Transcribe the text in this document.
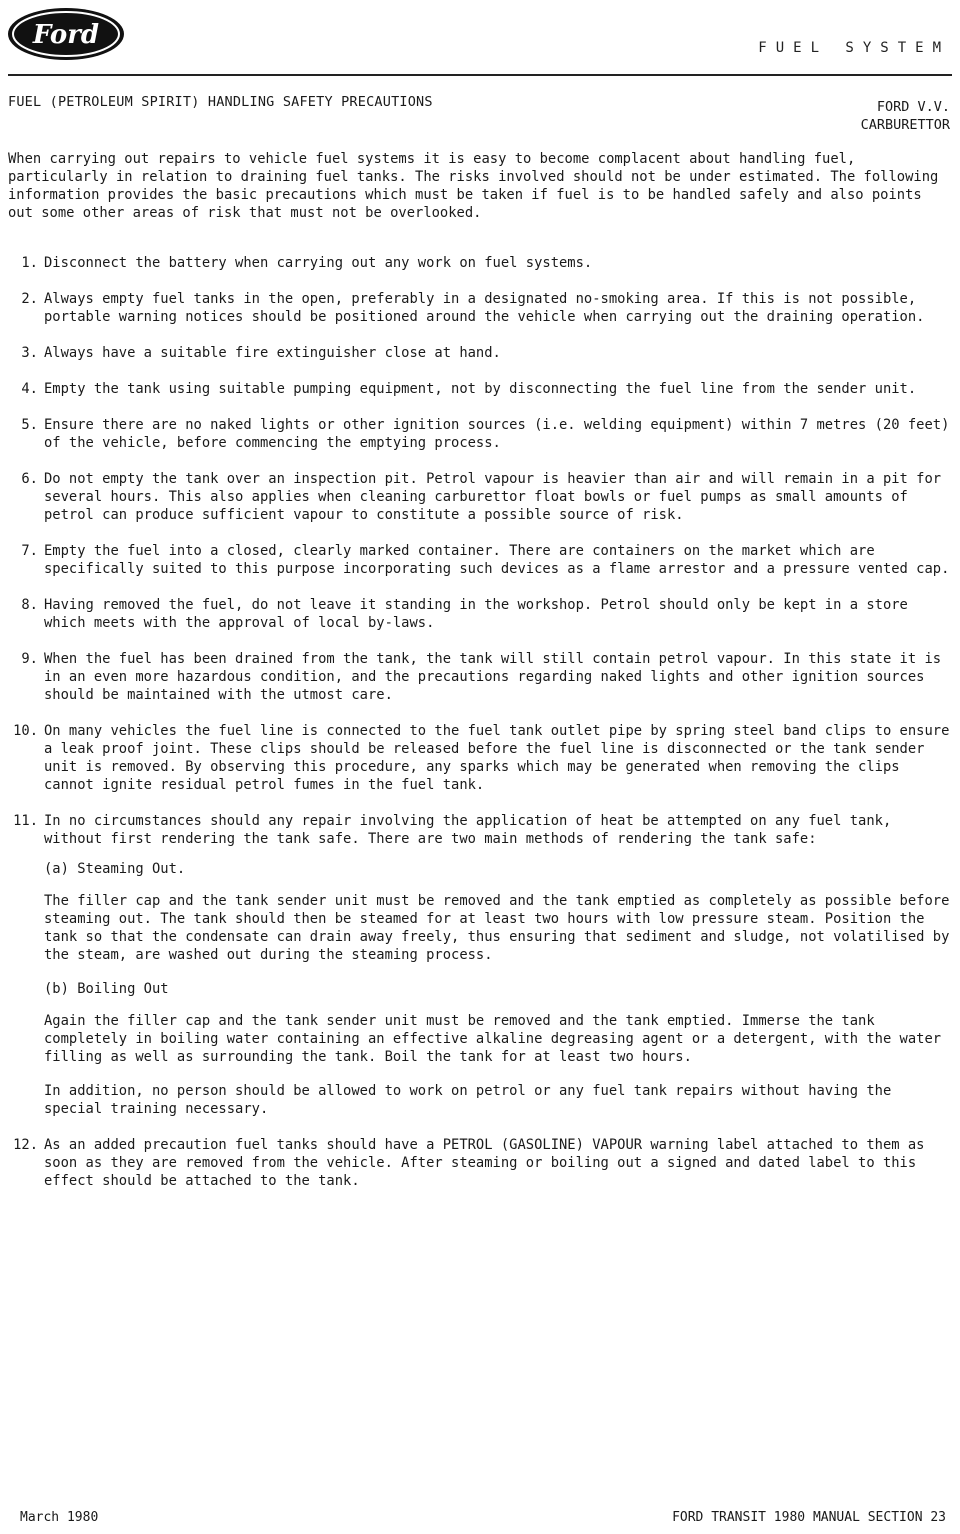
Ford	FUEL SYSTEM
FUEL (PETROLEUM SPIRIT) HANDLING SAFETY PRECAUTIONS	FORD V.V.
CARBURETTOR

When carrying out repairs to vehicle fuel systems it is easy to become complacent about handling fuel, particularly in relation to draining fuel tanks. The risks involved should not be under estimated. The following information provides the basic precautions which must be taken if fuel is to be handled safely and also points out some other areas of risk that must not be overlooked.

1. Disconnect the battery when carrying out any work on fuel systems.
2. Always empty fuel tanks in the open, preferably in a designated no-smoking area. If this is not possible, portable warning notices should be positioned around the vehicle when carrying out the draining operation.
3. Always have a suitable fire extinguisher close at hand.
4. Empty the tank using suitable pumping equipment, not by disconnecting the fuel line from the sender unit.
5. Ensure there are no naked lights or other ignition sources (i.e. welding equipment) within 7 metres (20 feet) of the vehicle, before commencing the emptying process.
6. Do not empty the tank over an inspection pit. Petrol vapour is heavier than air and will remain in a pit for several hours. This also applies when cleaning carburettor float bowls or fuel pumps as small amounts of petrol can produce sufficient vapour to constitute a possible source of risk.
7. Empty the fuel into a closed, clearly marked container. There are containers on the market which are specifically suited to this purpose incorporating such devices as a flame arrestor and a pressure vented cap.
8. Having removed the fuel, do not leave it standing in the workshop. Petrol should only be kept in a store which meets with the approval of local by-laws.
9. When the fuel has been drained from the tank, the tank will still contain petrol vapour. In this state it is in an even more hazardous condition, and the precautions regarding naked lights and other ignition sources should be maintained with the utmost care.
10. On many vehicles the fuel line is connected to the fuel tank outlet pipe by spring steel band clips to ensure a leak proof joint. These clips should be released before the fuel line is disconnected or the tank sender unit is removed. By observing this procedure, any sparks which may be generated when removing the clips cannot ignite residual petrol fumes in the fuel tank.
11. In no circumstances should any repair involving the application of heat be attempted on any fuel tank, without first rendering the tank safe. There are two main methods of rendering the tank safe:
(a) Steaming Out.

The filler cap and the tank sender unit must be removed and the tank emptied as completely as possible before steaming out. The tank should then be steamed for at least two hours with low pressure steam. Position the tank so that the condensate can drain away freely, thus ensuring that sediment and sludge, not volatilised by the steam, are washed out during the steaming process.

(b) Boiling Out

Again the filler cap and the tank sender unit must be removed and the tank emptied. Immerse the tank completely in boiling water containing an effective alkaline degreasing agent or a detergent, with the water filling as well as surrounding the tank. Boil the tank for at least two hours.

In addition, no person should be allowed to work on petrol or any fuel tank repairs without having the special training necessary.

12. As an added precaution fuel tanks should have a PETROL (GASOLINE) VAPOUR warning label attached to them as soon as they are removed from the vehicle. After steaming or boiling out a signed and dated label to this effect should be attached to the tank.
March 1980	FORD TRANSIT 1980 MANUAL SECTION 23
